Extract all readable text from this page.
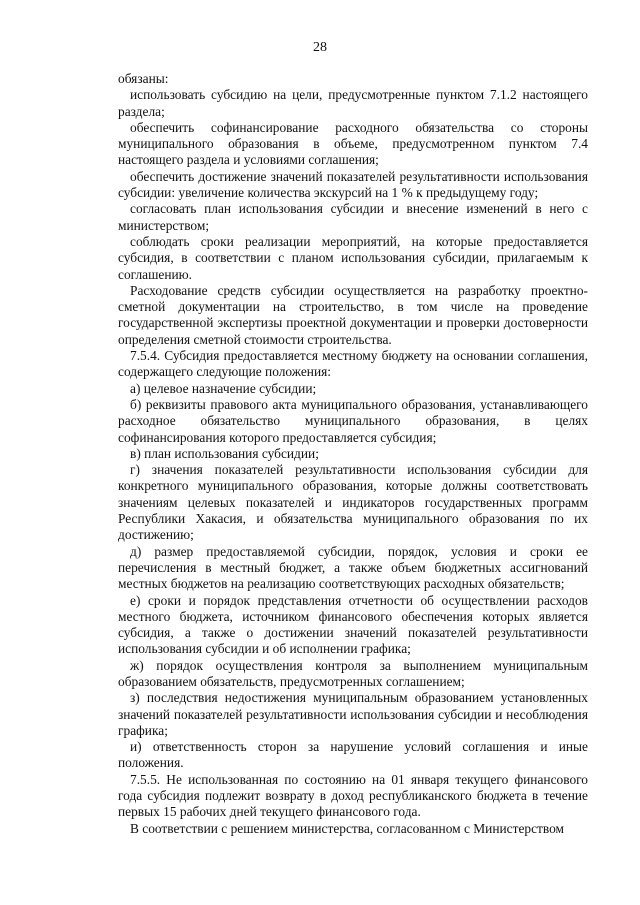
28

обязаны:

использовать субсидию на цели, предусмотренные пунктом 7.1.2 настоящего раздела;

обеспечить софинансирование расходного обязательства со стороны муниципального образования в объеме, предусмотренном пунктом 7.4 настоящего раздела и условиями соглашения;

обеспечить достижение значений показателей результативности использования субсидии: увеличение количества экскурсий на 1 % к предыдущему году;

согласовать план использования субсидии и внесение изменений в него с министерством;

соблюдать сроки реализации мероприятий, на которые предоставляется субсидия, в соответствии с планом использования субсидии, прилагаемым к соглашению.

Расходование средств субсидии осуществляется на разработку проектно-сметной документации на строительство, в том числе на проведение государственной экспертизы проектной документации и проверки достоверности определения сметной стоимости строительства.

7.5.4. Субсидия предоставляется местному бюджету на основании соглашения, содержащего следующие положения:

а) целевое назначение субсидии;

б) реквизиты правового акта муниципального образования, устанавливающего расходное обязательство муниципального образования, в целях софинансирования которого предоставляется субсидия;

в) план использования субсидии;

г) значения показателей результативности использования субсидии для конкретного муниципального образования, которые должны соответствовать значениям целевых показателей и индикаторов государственных программ Республики Хакасия, и обязательства муниципального образования по их достижению;

д) размер предоставляемой субсидии, порядок, условия и сроки ее перечисления в местный бюджет, а также объем бюджетных ассигнований местных бюджетов на реализацию соответствующих расходных обязательств;

е) сроки и порядок представления отчетности об осуществлении расходов местного бюджета, источником финансового обеспечения которых является субсидия, а также о достижении значений показателей результативности использования субсидии и об исполнении графика;

ж) порядок осуществления контроля за выполнением муниципальным образованием обязательств, предусмотренных соглашением;

з) последствия недостижения муниципальным образованием установленных значений показателей результативности использования субсидии и несоблюдения графика;

и) ответственность сторон за нарушение условий соглашения и иные положения.

7.5.5. Не использованная по состоянию на 01 января текущего финансового года субсидия подлежит возврату в доход республиканского бюджета в течение первых 15 рабочих дней текущего финансового года.

В соответствии с решением министерства, согласованном с Министерством
